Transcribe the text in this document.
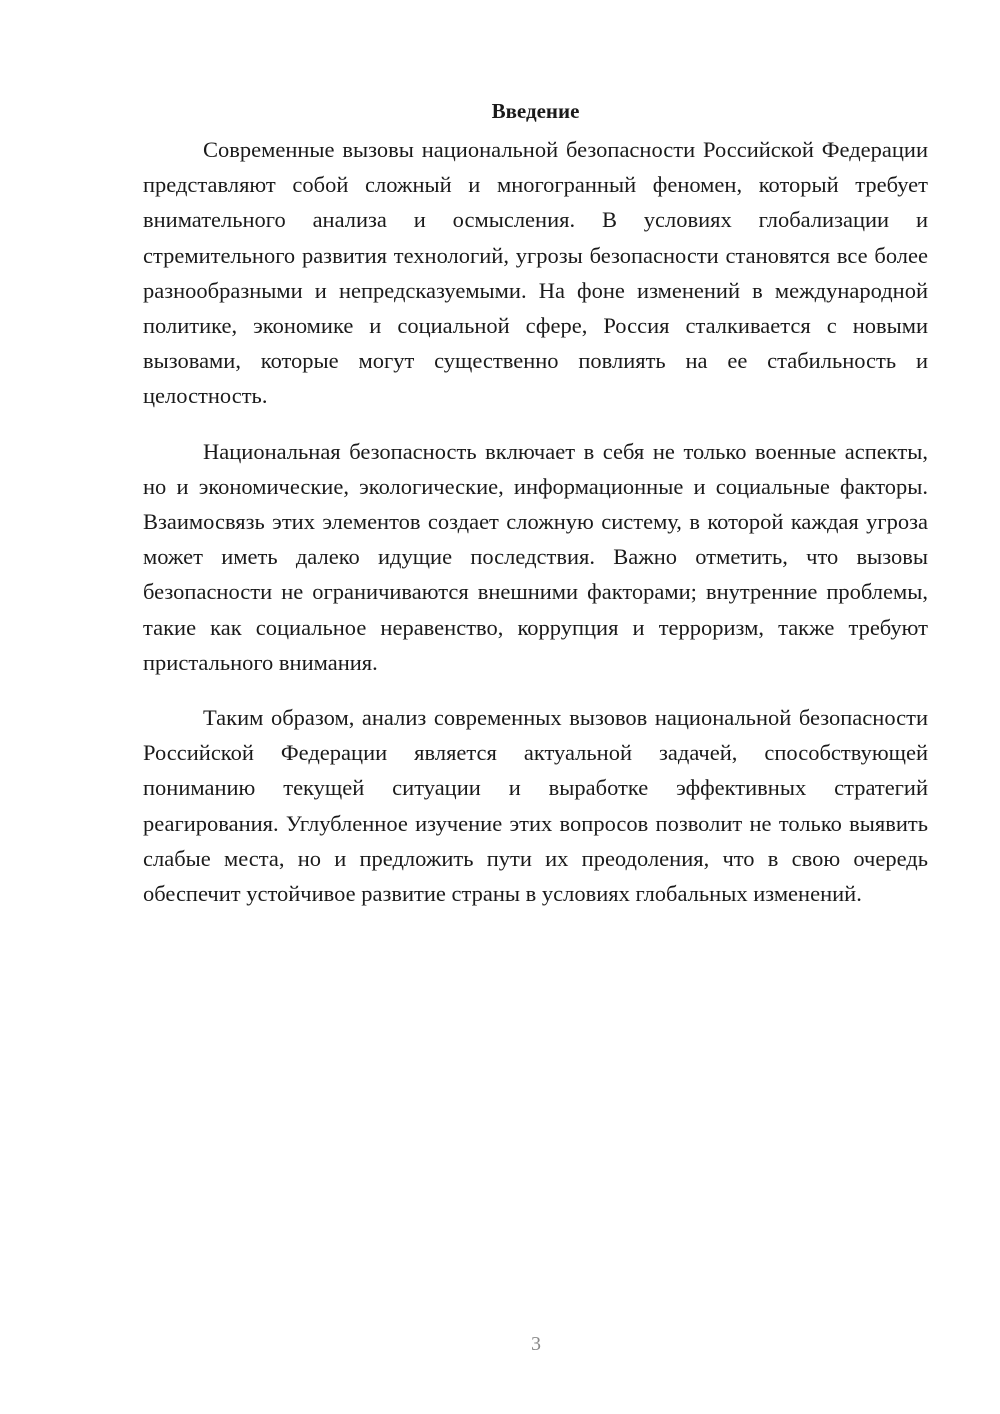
Введение

Современные вызовы национальной безопасности Российской Федерации представляют собой сложный и многогранный феномен, который требует внимательного анализа и осмысления. В условиях глобализации и стремительного развития технологий, угрозы безопасности становятся все более разнообразными и непредсказуемыми. На фоне изменений в международной политике, экономике и социальной сфере, Россия сталкивается с новыми вызовами, которые могут существенно повлиять на ее стабильность и целостность.

Национальная безопасность включает в себя не только военные аспекты, но и экономические, экологические, информационные и социальные факторы. Взаимосвязь этих элементов создает сложную систему, в которой каждая угроза может иметь далеко идущие последствия. Важно отметить, что вызовы безопасности не ограничиваются внешними факторами; внутренние проблемы, такие как социальное неравенство, коррупция и терроризм, также требуют пристального внимания.

Таким образом, анализ современных вызовов национальной безопасности Российской Федерации является актуальной задачей, способствующей пониманию текущей ситуации и выработке эффективных стратегий реагирования. Углубленное изучение этих вопросов позволит не только выявить слабые места, но и предложить пути их преодоления, что в свою очередь обеспечит устойчивое развитие страны в условиях глобальных изменений.

3
